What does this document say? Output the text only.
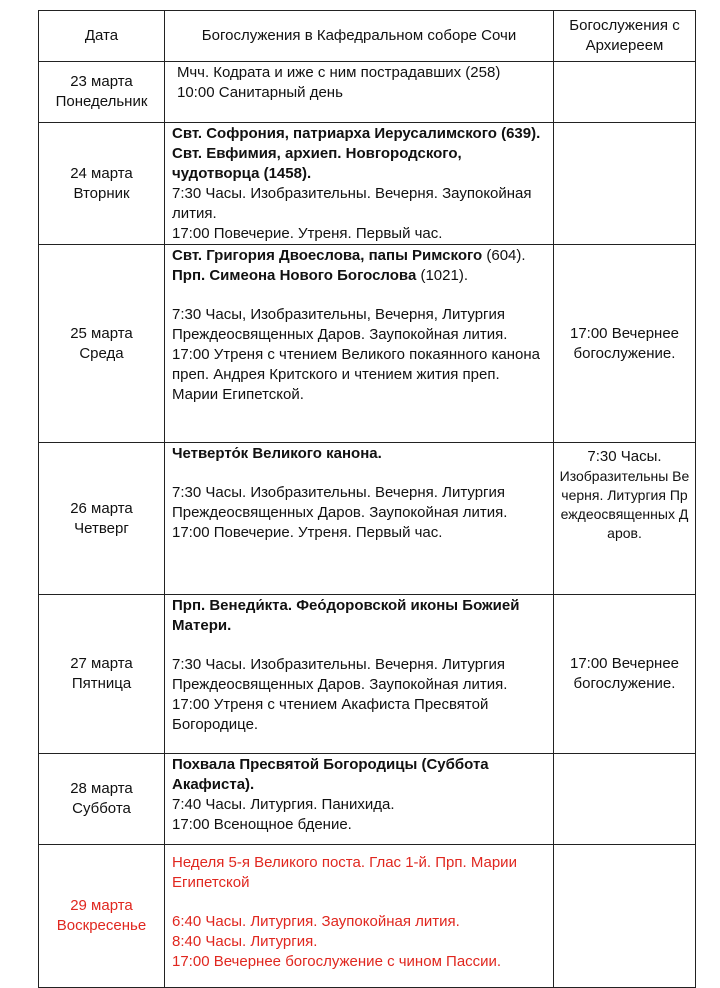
Дата	Богослужения в Кафедральном соборе Сочи	Богослужения с Архиереем

23 марта
Понедельник	Мчч. Кодрата и иже с ним пострадавших (258)
10:00 Санитарный день	

24 марта
Вторник	Свт. Софрония, патриарха Иерусалимского (639). Свт. Евфимия, архиеп. Новгородского, чудотворца (1458).
7:30 Часы. Изобразительны. Вечерня. Заупокойная лития.
17:00 Повечерие. Утреня. Первый час.	

25 марта
Среда	Свт. Григория Двоеслова, папы Римского (604). Прп. Симеона Нового Богослова (1021).
7:30 Часы, Изобразительны, Вечерня, Литургия Преждеосвященных Даров. Заупокойная лития.
17:00 Утреня с чтением Великого покаянного канона преп. Андрея Критского и чтением жития преп. Марии Египетской.	17:00 Вечернее богослужение.

26 марта
Четверг	Четверто́к Великого канона.
7:30 Часы. Изобразительны. Вечерня. Литургия Преждеосвященных Даров. Заупокойная лития.
17:00 Повечерие. Утреня. Первый час.	7:30 Часы.
Изобразительны Вечерня. Литургия Преждеосвященных Даров.

27 марта
Пятница	Прп. Венеди́кта. Фео́доровской иконы Божией Матери.
7:30 Часы. Изобразительны. Вечерня. Литургия Преждеосвященных Даров. Заупокойная лития.
17:00 Утреня с чтением Акафиста Пресвятой Богородице.	17:00 Вечернее богослужение.

28 марта
Суббота	Похвала Пресвятой Богородицы (Суббота Акафиста).
7:40 Часы. Литургия. Панихида.
17:00 Всенощное бдение.	

29 марта
Воскресенье	Неделя 5-я Великого поста. Глас 1-й. Прп. Марии Египетской
6:40 Часы. Литургия. Заупокойная лития.
8:40 Часы. Литургия.
17:00 Вечернее богослужение с чином Пассии.	
